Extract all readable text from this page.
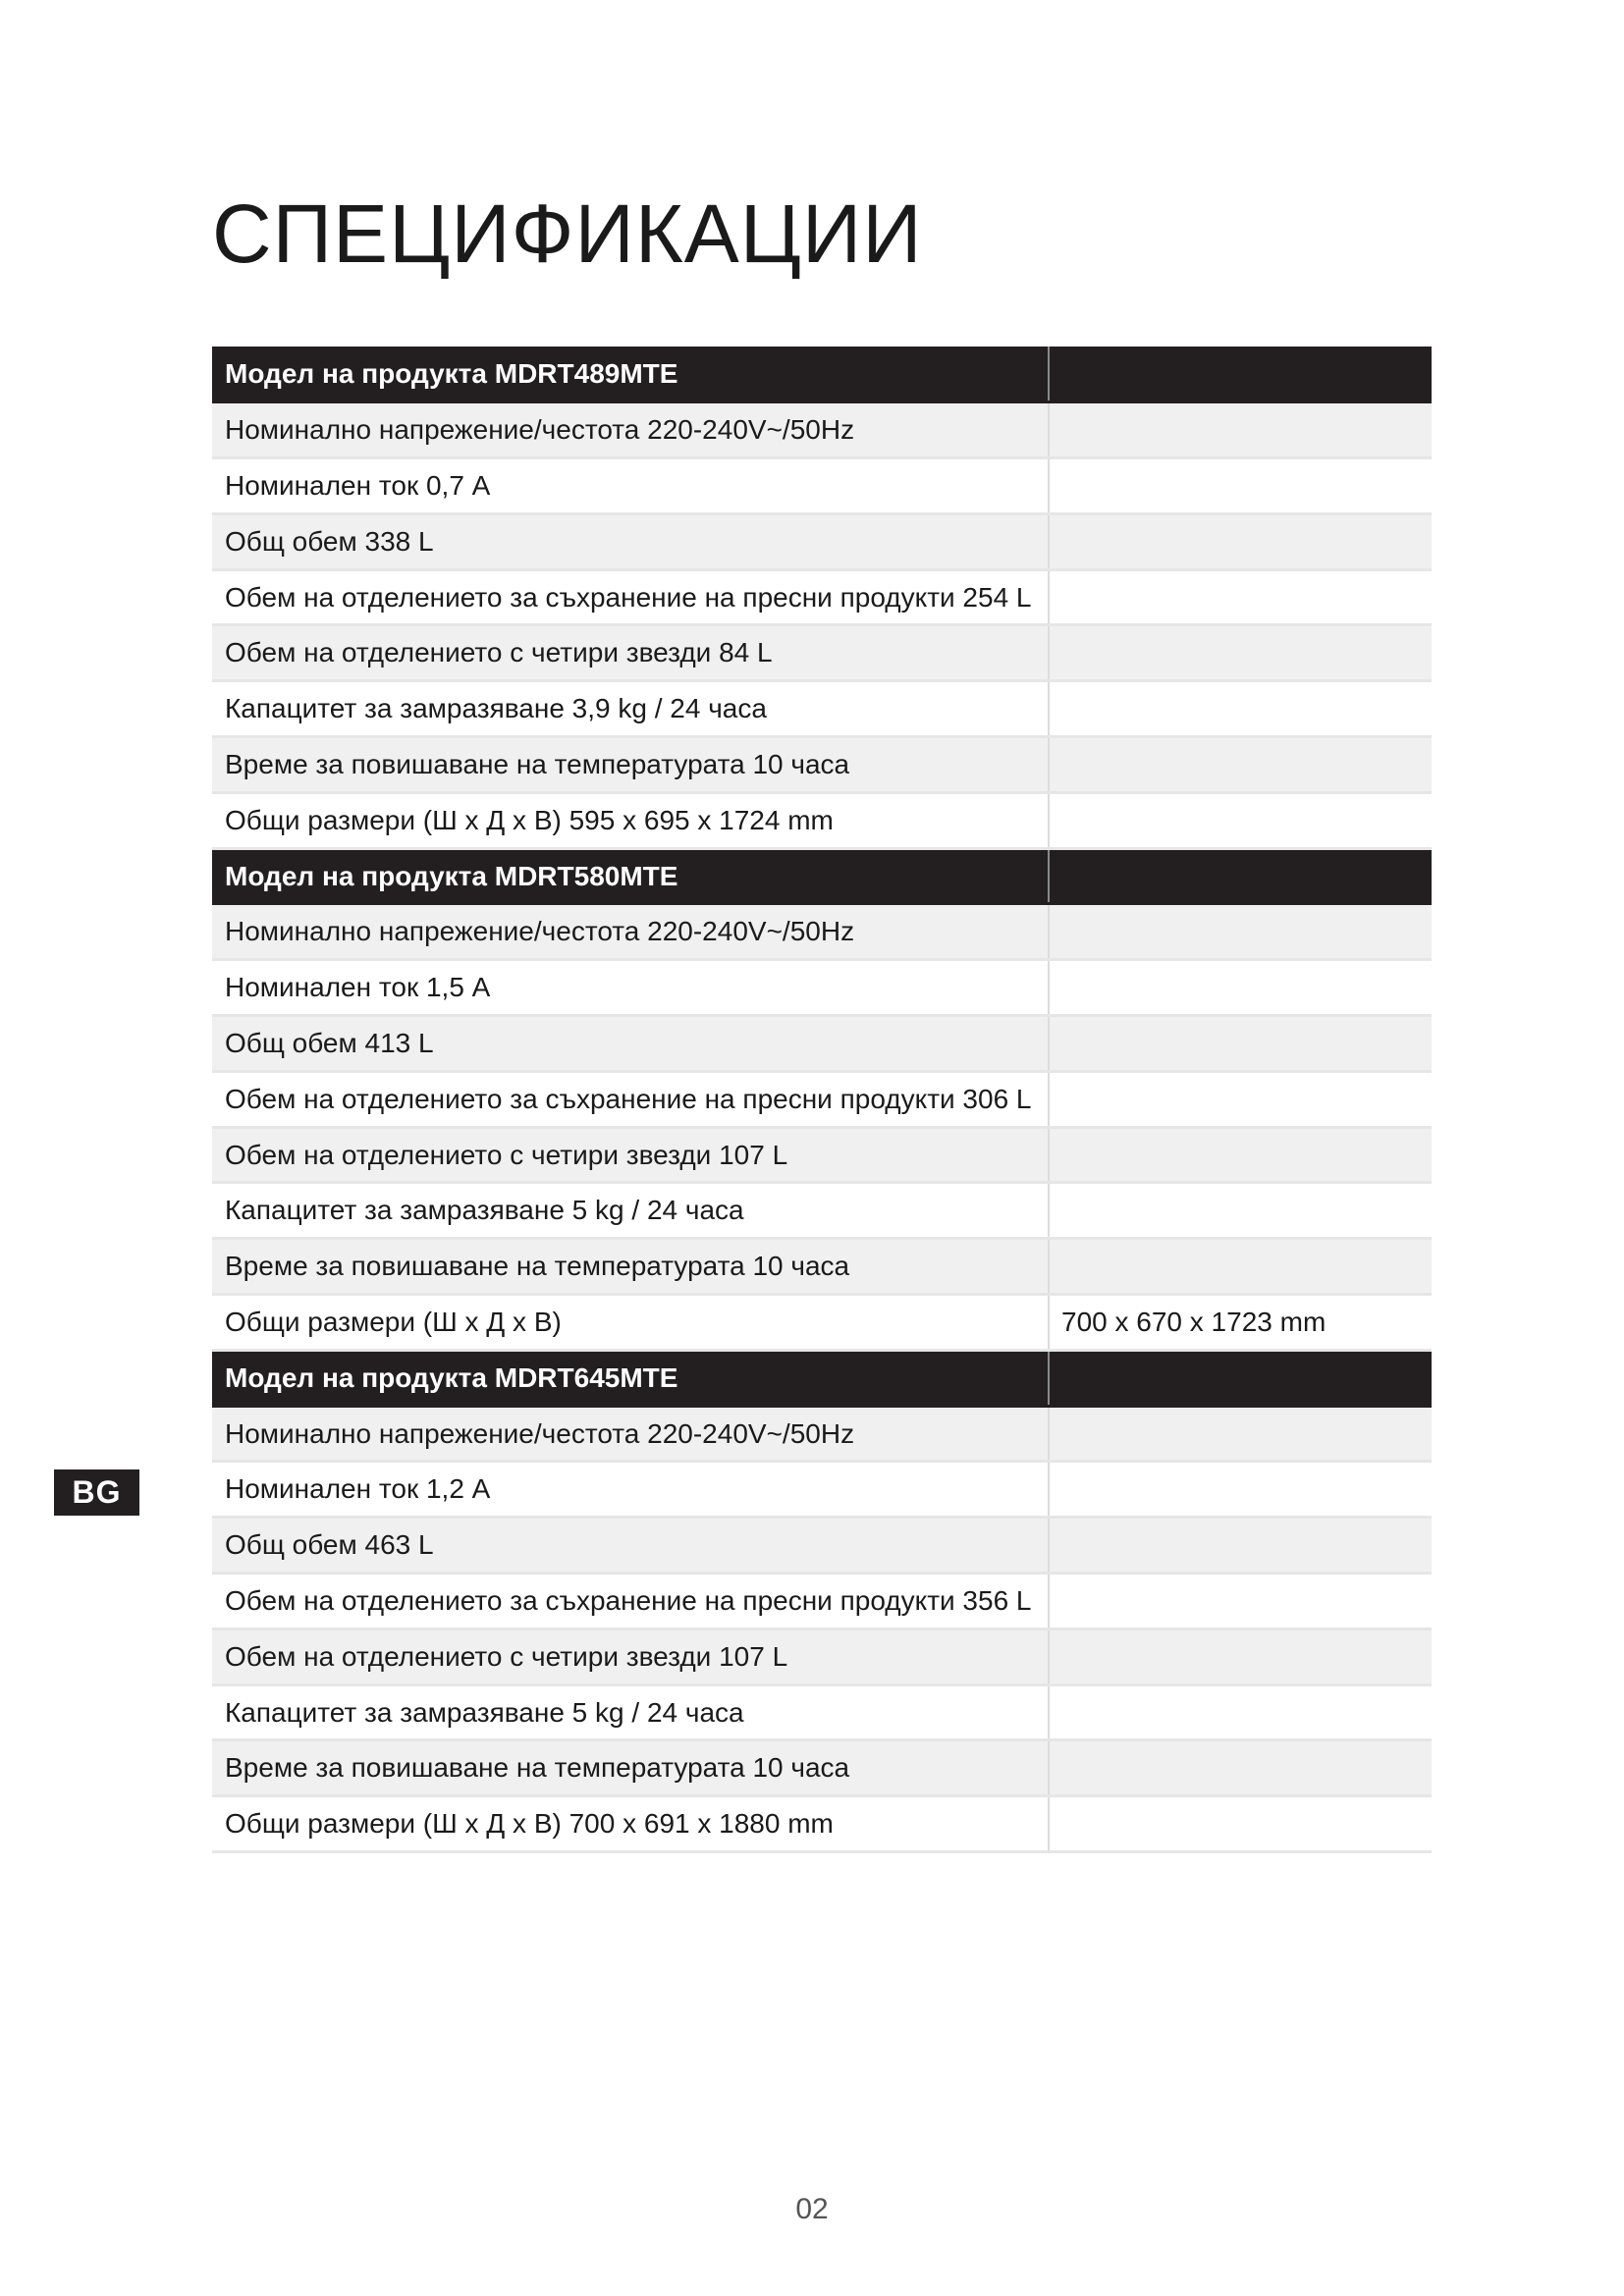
СПЕЦИФИКАЦИИ
Модел на продукта MDRT489MTE	
Номинално напрежение/честота 220-240V~/50Hz	
Номинален ток 0,7 A	
Общ обем 338 L	
Обем на отделението за съхранение на пресни продукти 254 L	
Обем на отделението с четири звезди 84 L	
Капацитет за замразяване 3,9 kg / 24 часа	
Време за повишаване на температурата 10 часа	
Общи размери (Ш x Д x В) 595 x 695 x 1724 mm	
Модел на продукта MDRT580MTE	
Номинално напрежение/честота 220-240V~/50Hz	
Номинален ток 1,5 A	
Общ обем 413 L	
Обем на отделението за съхранение на пресни продукти 306 L	
Обем на отделението с четири звезди 107 L	
Капацитет за замразяване 5 kg / 24 часа	
Време за повишаване на температурата 10 часа	
Общи размери (Ш x Д x В)	700 x 670 x 1723 mm
Модел на продукта MDRT645MTE	
Номинално напрежение/честота 220-240V~/50Hz	
Номинален ток 1,2 A	
Общ обем 463 L	
Обем на отделението за съхранение на пресни продукти 356 L	
Обем на отделението с четири звезди 107 L	
Капацитет за замразяване 5 kg / 24 часа	
Време за повишаване на температурата 10 часа	
Общи размери (Ш x Д x В) 700 x 691 x 1880 mm	
BG
02
